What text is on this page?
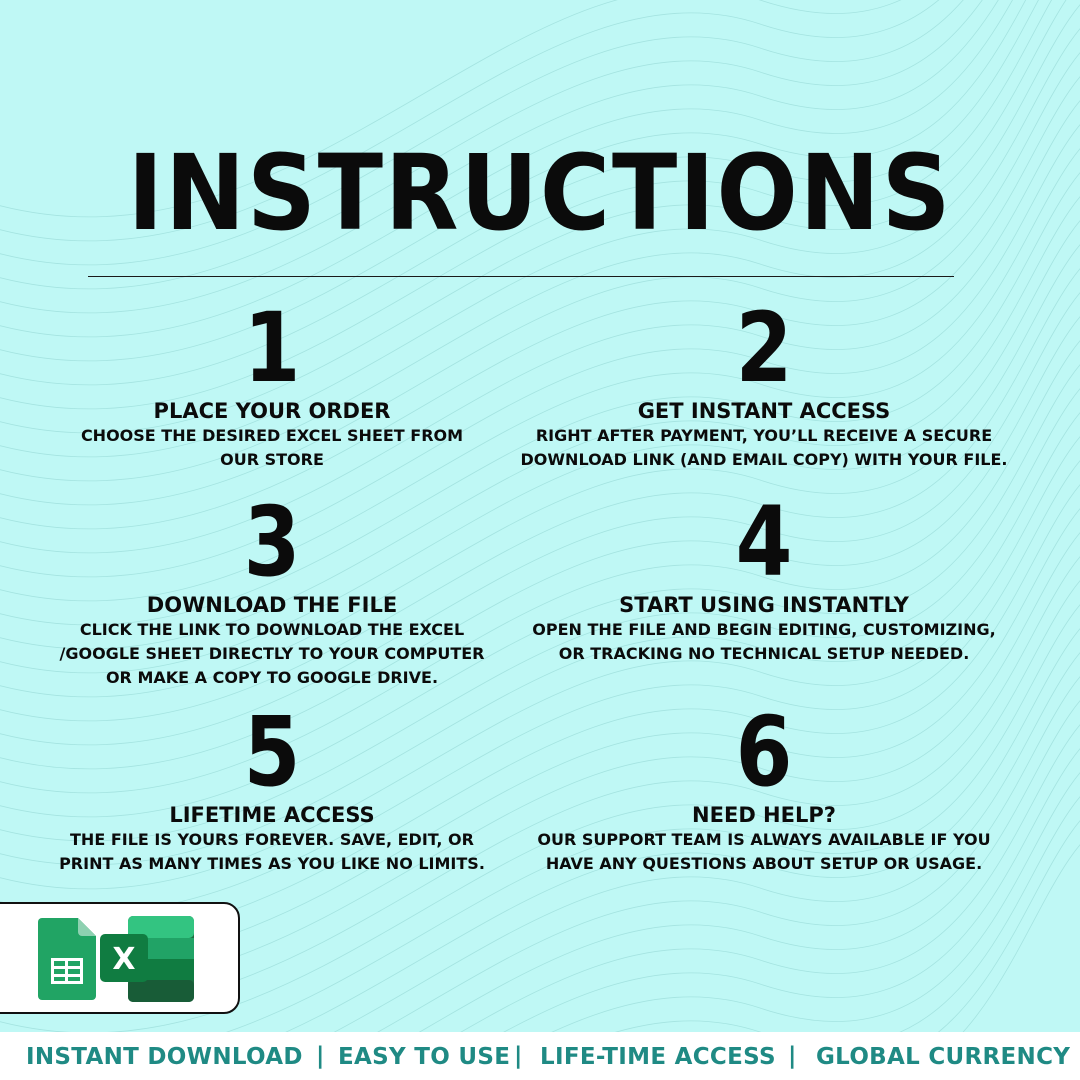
INSTRUCTIONS
1
PLACE YOUR ORDER
CHOOSE THE DESIRED EXCEL SHEET FROM
OUR STORE
2
GET INSTANT ACCESS
RIGHT AFTER PAYMENT, YOU’LL RECEIVE A SECURE
DOWNLOAD LINK (AND EMAIL COPY) WITH YOUR FILE.
3
DOWNLOAD THE FILE
CLICK THE LINK TO DOWNLOAD THE EXCEL
/GOOGLE SHEET DIRECTLY TO YOUR COMPUTER
OR MAKE A COPY TO GOOGLE DRIVE.
4
START USING INSTANTLY
OPEN THE FILE AND BEGIN EDITING, CUSTOMIZING,
OR TRACKING NO TECHNICAL SETUP NEEDED.
5
LIFETIME ACCESS
THE FILE IS YOURS FOREVER. SAVE, EDIT, OR
PRINT AS MANY TIMES AS YOU LIKE NO LIMITS.
6
NEED HELP?
OUR SUPPORT TEAM IS ALWAYS AVAILABLE IF YOU
HAVE ANY QUESTIONS ABOUT SETUP OR USAGE.
X
INSTANT DOWNLOAD | EASY TO USE | LIFE-TIME ACCESS | GLOBAL CURRENCY
